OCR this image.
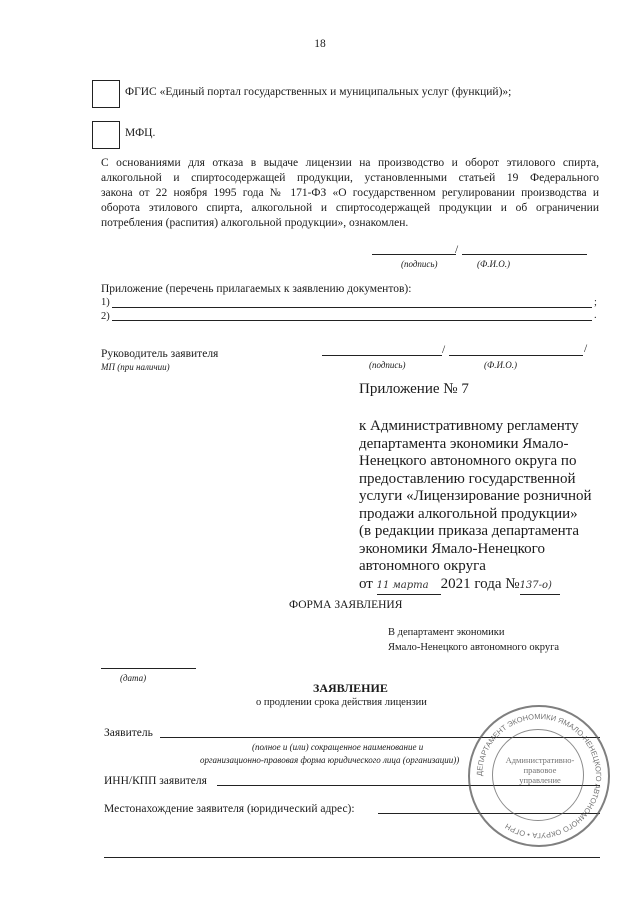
18
ФГИС «Единый портал государственных и муниципальных услуг (функций)»;
МФЦ.
С основаниями для отказа в выдаче лицензии на производство и оборот этилового спирта,
алкогольной и спиртосодержащей продукции, установленными статьей 19 Федерального
закона от 22 ноября 1995 года № 171-ФЗ «О государственном регулировании производства и
оборота этилового спирта, алкогольной и спиртосодержащей продукции и об ограничении
потребления (распития) алкогольной продукции», ознакомлен.
/
(подпись)	(Ф.И.О.)
Приложение (перечень прилагаемых к заявлению документов):
1)	;
2)	.
Руководитель заявителя
МП (при наличии)
/	/
(подпись)	(Ф.И.О.)
Приложение № 7
к Административному регламенту
департамента экономики Ямало-
Ненецкого автономного округа по
предоставлению государственной
услуги «Лицензирование розничной
продажи алкогольной продукции»
(в редакции приказа департамента
экономики Ямало-Ненецкого
автономного округа
от 11 марта 2021 года №137-о)
ФОРМА ЗАЯВЛЕНИЯ
В департамент экономики
Ямало-Ненецкого автономного округа
(дата)
ЗАЯВЛЕНИЕ
о продлении срока действия лицензии
Заявитель
(полное и (или) сокращенное наименование и
организационно-правовая форма юридического лица (организации))
ИНН/КПП заявителя
Местонахождение заявителя (юридический адрес):
ДЕПАРТАМЕНТ ЭКОНОМИКИ ЯМАЛО-НЕНЕЦКОГО АВТОНОМНОГО ОКРУГА • ОГРН
Административно-
правовое
управление
